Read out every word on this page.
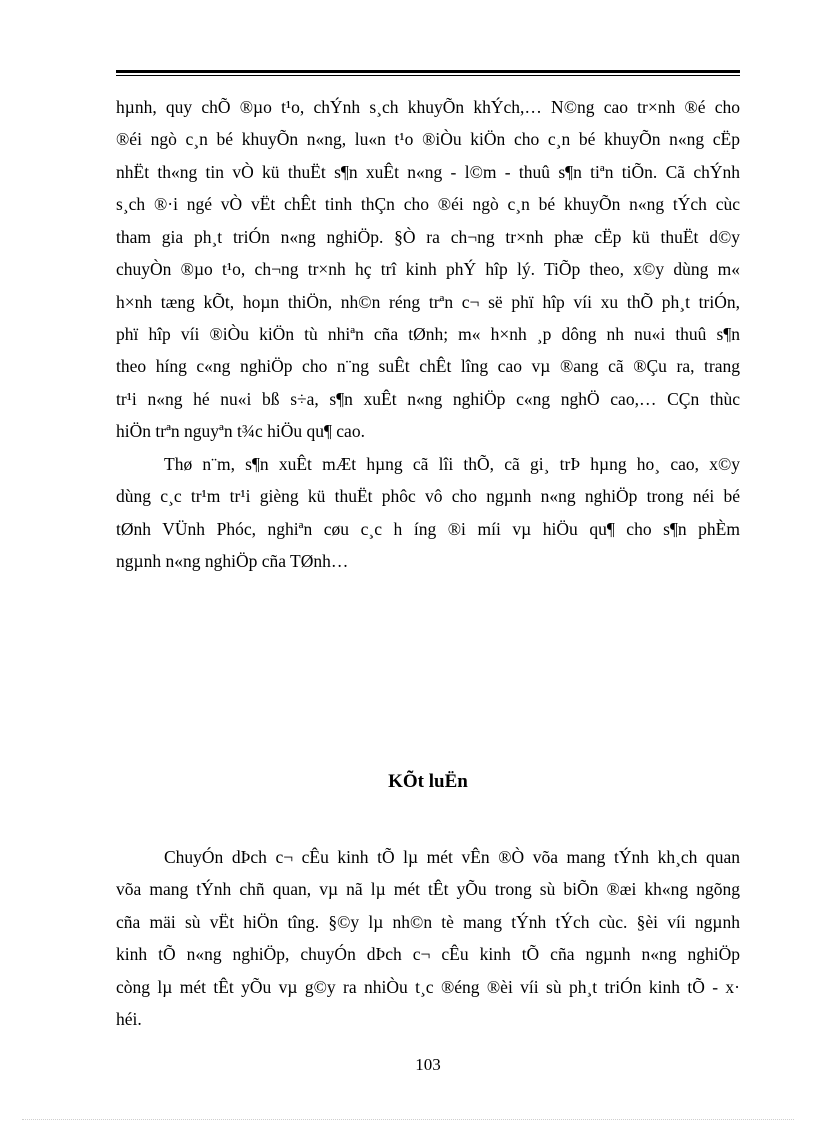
hµnh, quy chÕ ®µo t¹o, chÝnh s¸ch khuyÕn khÝch,… N©ng cao tr×nh ®é cho
®éi ngò c¸n bé khuyÕn n«ng, lu«n t¹o ®iÒu kiÖn cho c¸n bé khuyÕn n«ng cËp
nhËt th«ng tin vÒ kü thuËt s¶n xuÊt n«ng - l©m - thuû s¶n tiªn tiÕn. Cã chÝnh
s¸ch ®·i ngé vÒ vËt chÊt tinh thÇn cho ®éi ngò c¸n bé khuyÕn n«ng tÝch cùc
tham gia ph¸t triÓn n«ng nghiÖp. §Ò ra ch¬ng tr×nh phæ cËp kü thuËt d©y
chuyÒn ®µo t¹o, ch¬ng tr×nh hç trî kinh phÝ hîp lý. TiÕp theo, x©y dùng m«
h×nh tæng kÕt, hoµn thiÖn, nh©n réng trªn c¬ së phï hîp víi xu thÕ ph¸t triÓn,
phï hîp víi ®iÒu kiÖn tù nhiªn cña tØnh; m« h×nh ¸p dông nh nu«i thuû s¶n
theo híng c«ng nghiÖp cho n¨ng suÊt chÊt lîng cao vµ ®ang cã ®Çu ra, trang
tr¹i n«ng hé nu«i bß s÷a, s¶n xuÊt n«ng nghiÖp c«ng nghÖ cao,… CÇn thùc
hiÖn trªn nguyªn t¾c hiÖu qu¶ cao.
Thø n¨m, s¶n xuÊt mÆt hµng cã lîi thÕ, cã gi¸ trÞ hµng ho¸ cao, x©y
dùng c¸c tr¹m tr¹i gièng kü thuËt phôc vô cho ngµnh n«ng nghiÖp trong néi bé
tØnh VÜnh Phóc, nghiªn cøu c¸c h íng ®i míi vµ hiÖu qu¶ cho s¶n phÈm
ngµnh n«ng nghiÖp cña TØnh…
KÕt luËn
ChuyÓn dÞch c¬ cÊu kinh tÕ lµ mét vÊn ®Ò võa mang tÝnh kh¸ch quan
võa mang tÝnh chñ quan, vµ nã lµ mét tÊt yÕu trong sù biÕn ®æi kh«ng ngõng
cña mäi sù vËt hiÖn tîng. §©y lµ nh©n tè mang tÝnh tÝch cùc. §èi víi ngµnh
kinh tÕ n«ng nghiÖp, chuyÓn dÞch c¬ cÊu kinh tÕ cña ngµnh n«ng nghiÖp
còng lµ mét tÊt yÕu vµ g©y ra nhiÒu t¸c ®éng ®èi víi sù ph¸t triÓn kinh tÕ - x·
héi.
103
